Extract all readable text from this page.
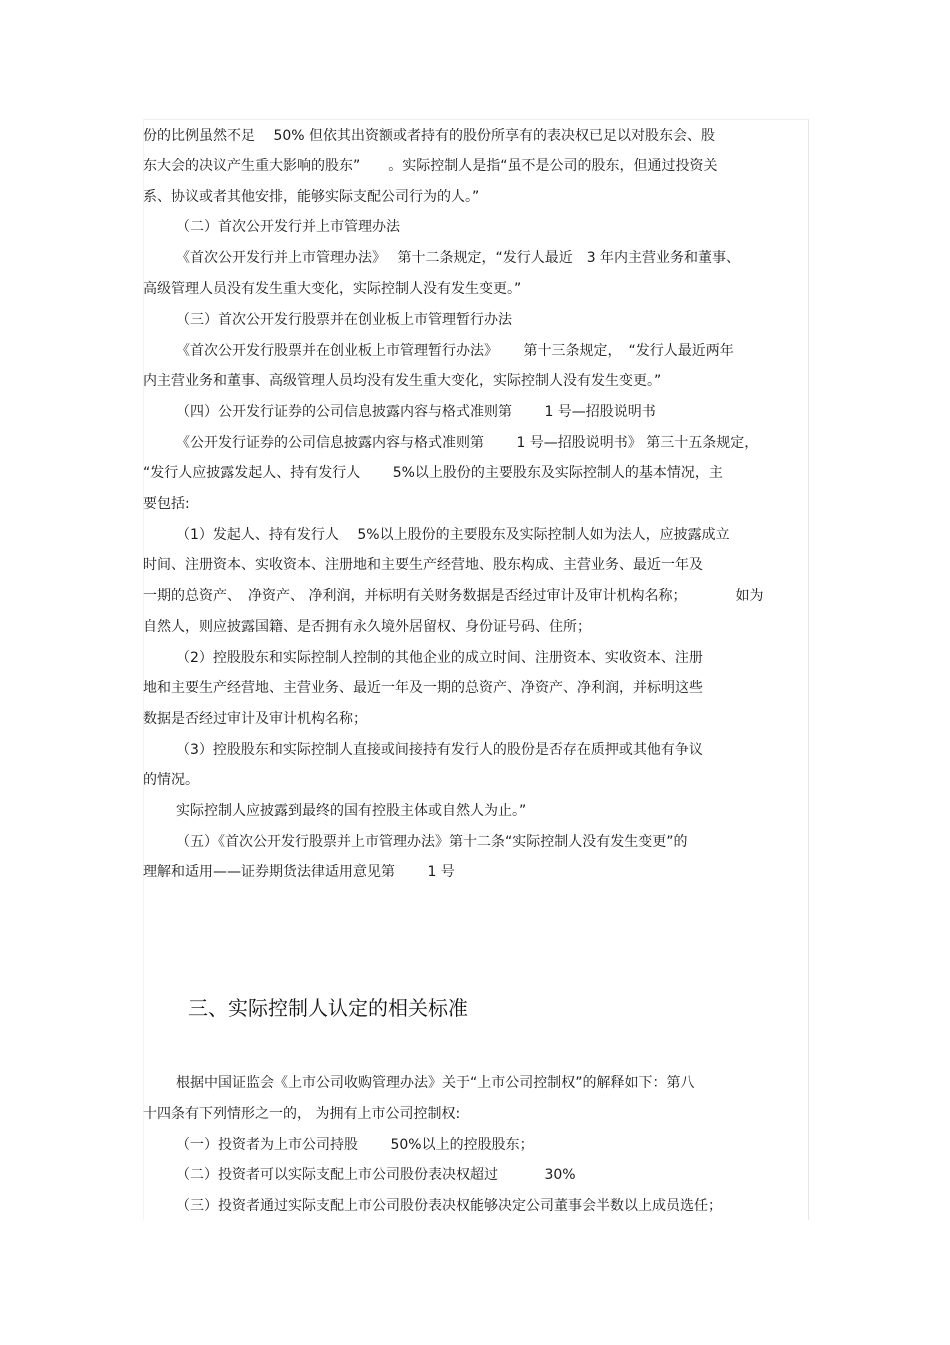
份的比例虽然不足　 50% 但依其出资额或者持有的股份所享有的表决权已足以对股东会、股
东大会的决议产生重大影响的股东”　　。实际控制人是指“虽不是公司的股东，但通过投资关
系、协议或者其他安排，能够实际支配公司行为的人。”
（二）首次公开发行并上市管理办法
《首次公开发行并上市管理办法》　 第十二条规定，“发行人最近　3 年内主营业务和董事、
高级管理人员没有发生重大变化，实际控制人没有发生变更。”
（三）首次公开发行股票并在创业板上市管理暂行办法
《首次公开发行股票并在创业板上市管理暂行办法》　　 第十三条规定，　“发行人最近两年
内主营业务和董事、高级管理人员均没有发生重大变化，实际控制人没有发生变更。”
（四）公开发行证券的公司信息披露内容与格式准则第　　 1 号—招股说明书
《公开发行证券的公司信息披露内容与格式准则第　　 1 号—招股说明书》 第三十五条规定，
“发行人应披露发起人、持有发行人　　 5%以上股份的主要股东及实际控制人的基本情况，主
要包括:
（1）发起人、持有发行人　 5%以上股份的主要股东及实际控制人如为法人，应披露成立
时间、注册资本、实收资本、注册地和主要生产经营地、股东构成、主营业务、最近一年及
一期的总资产、　净资产、 净利润，并标明有关财务数据是否经过审计及审计机构名称；　　　　如为
自然人，则应披露国籍、是否拥有永久境外居留权、身份证号码、住所；
（2）控股股东和实际控制人控制的其他企业的成立时间、注册资本、实收资本、注册
地和主要生产经营地、主营业务、最近一年及一期的总资产、净资产、净利润，并标明这些
数据是否经过审计及审计机构名称；
（3）控股股东和实际控制人直接或间接持有发行人的股份是否存在质押或其他有争议
的情况。
实际控制人应披露到最终的国有控股主体或自然人为止。”
（五）《首次公开发行股票并上市管理办法》第十二条“实际控制人没有发生变更”的
理解和适用——证券期货法律适用意见第　　 1 号
三、实际控制人认定的相关标准
根据中国证监会《上市公司收购管理办法》关于“上市公司控制权”的解释如下：第八
十四条有下列情形之一的， 为拥有上市公司控制权:
（一）投资者为上市公司持股　　 50%以上的控股股东；
（二）投资者可以实际支配上市公司股份表决权超过　　　 30%
（三）投资者通过实际支配上市公司股份表决权能够决定公司董事会半数以上成员选任；
